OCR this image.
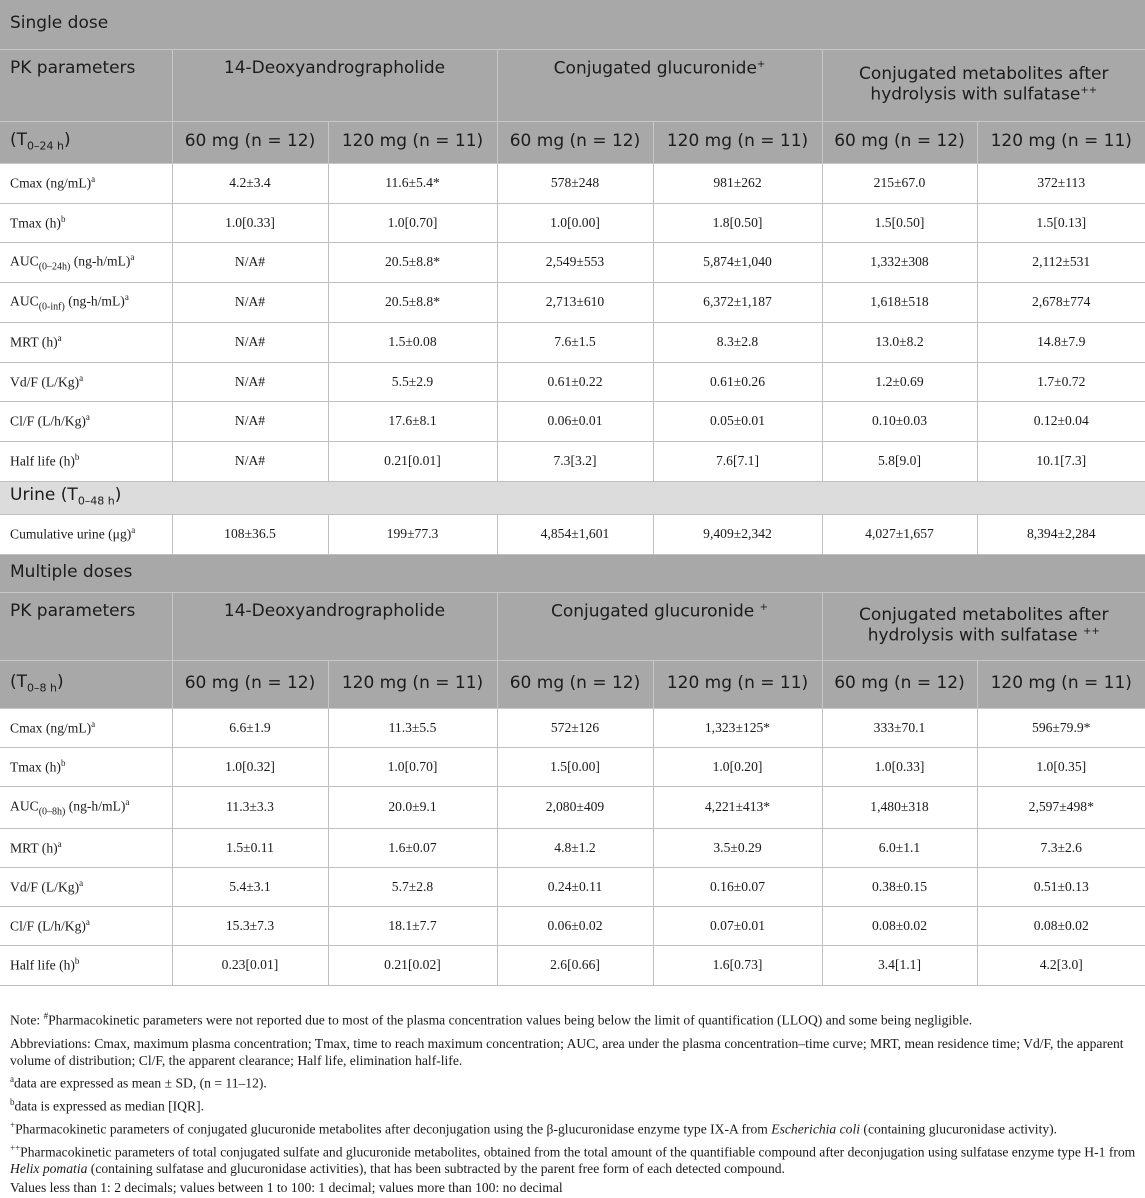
Single dose						
PK parameters	14-Deoxyandrographolide		Conjugated glucuronide+		Conjugated metabolites after hydrolysis with sulfatase++
$(T_{0-24 h})$	60 mg (n = 12)	120 mg (n = 11)	60 mg (n = 12)	120 mg (n = 11)	60 mg (n = 12)	120 mg (n = 11)
Cmax $(ng/mL)^a$	4.2±3.4	11.6±5.4*	578±248	981±262	215±67.0	372±113
Tmax $(h)^b$	1.0[0.33]	1.0[0.70]	1.0[0.00]	1.8[0.50]	1.5[0.50]	1.5[0.13]
$AUC_{(0-24h)}$ $(ng-h/mL)^a$	N/A#	20.5±8.8*	2,549±553	5,874±1,040	1,332±308	2,112±531
$AUC_{(0-inf)}$ $(ng-h/mL)^a$	N/A#	20.5±8.8*	2,713±610	6,372±1,187	1,618±518	2,678±774
MRT $(h)^a$	N/A#	1.5±0.08	7.6±1.5	8.3±2.8	13.0±8.2	14.8±7.9
Vd/F $(L/Kg)^a$	N/A#	5.5±2.9	0.61±0.22	0.61±0.26	1.2±0.69	1.7±0.72
Cl/F $(L/h/Kg)^a$	N/A#	17.6±8.1	0.06±0.01	0.05±0.01	0.10±0.03	0.12±0.04
Half life $(h)^b$	N/A#	0.21[0.01]	7.3[3.2]	7.6[7.1]	5.8[9.0]	10.1[7.3]
Urine $(T_{0-48 h})$						
Cumulative urine $(\mu g)^a$	108±36.5	199±77.3	4,854±1,601	9,409±2,342	4,027±1,657	8,394±2,284
Multiple doses						
PK parameters	14-Deoxyandrographolide		Conjugated glucuronide +		Conjugated metabolites after hydrolysis with sulfatase ++
$(T_{0-8 h})$	60 mg (n = 12)	120 mg (n = 11)	60 mg (n = 12)	120 mg (n = 11)	60 mg (n = 12)	120 mg (n = 11)
Cmax $(ng/mL)^a$	6.6±1.9	11.3±5.5	572±126	1,323±125*	333±70.1	596±79.9*
Tmax $(h)^b$	1.0[0.32]	1.0[0.70]	1.5[0.00]	1.0[0.20]	1.0[0.33]	1.0[0.35]
$AUC_{(0-8h)}$ $(ng-h/mL)^a$	11.3±3.3	20.0±9.1	2,080±409	4,221±413*	1,480±318	2,597±498*
MRT $(h)^a$	1.5±0.11	1.6±0.07	4.8±1.2	3.5±0.29	6.0±1.1	7.3±2.6
Vd/F $(L/Kg)^a$	5.4±3.1	5.7±2.8	0.24±0.11	0.16±0.07	0.38±0.15	0.51±0.13
Cl/F $(L/h/Kg)^a$	15.3±7.3	18.1±7.7	0.06±0.02	0.07±0.01	0.08±0.02	0.08±0.02
Half life $(h)^b$	0.23[0.01]	0.21[0.02]	2.6[0.66]	1.6[0.73]	3.4[1.1]	4.2[3.0]

Note: #Pharmacokinetic parameters were not reported due to most of the plasma concentration values being below the limit of quantification (LLOQ) and some being negligible.

Abbreviations: Cmax, maximum plasma concentration; Tmax, time to reach maximum concentration; AUC, area under the plasma concentration–time curve; MRT, mean residence time; Vd/F, the apparent volume of distribution; Cl/F, the apparent clearance; Half life, elimination half-life.

$^a$data are expressed as mean ± SD, (n = 11–12).

$^b$data is expressed as median [IQR].

+Pharmacokinetic parameters of conjugated glucuronide metabolites after deconjugation using the β-glucuronidase enzyme type IX-A from Escherichia coli (containing glucuronidase activity).

++Pharmacokinetic parameters of total conjugated sulfate and glucuronide metabolites, obtained from the total amount of the quantifiable compound after deconjugation using sulfatase enzyme type H-1 from Helix pomatia (containing sulfatase and glucuronidase activities), that has been subtracted by the parent free form of each detected compound.

Values less than 1: 2 decimals; values between 1 to 100: 1 decimal; values more than 100: no decimal
